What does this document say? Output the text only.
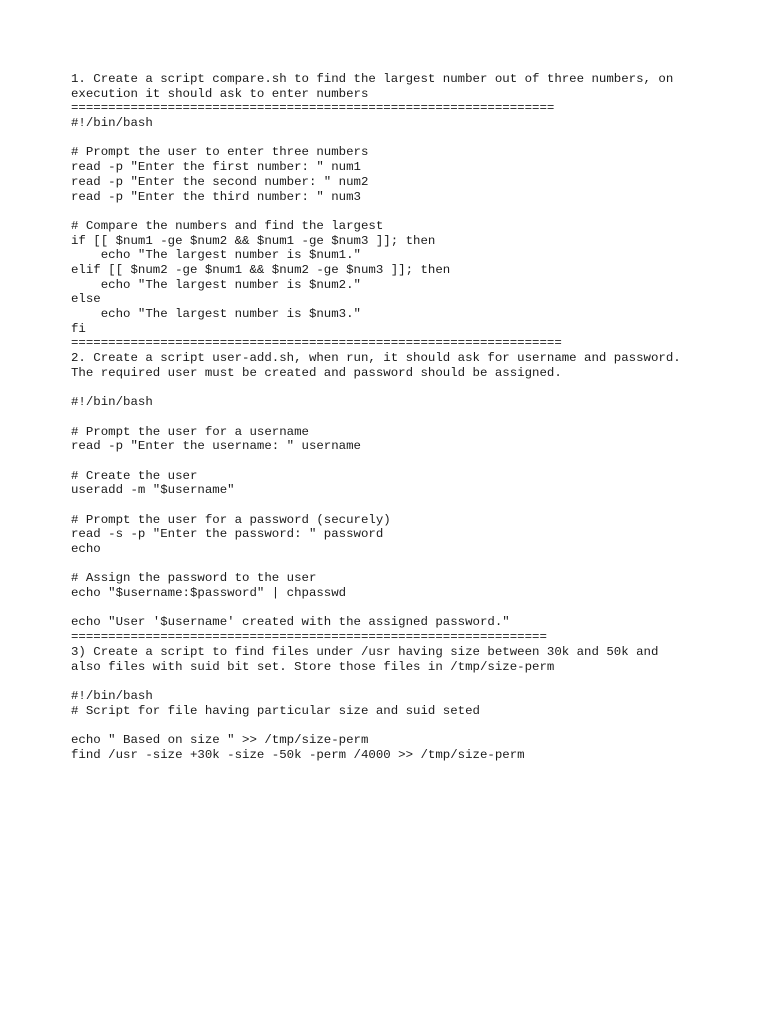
1. Create a script compare.sh to find the largest number out of three numbers, on
execution it should ask to enter numbers
=================================================================
#!/bin/bash

# Prompt the user to enter three numbers
read -p "Enter the first number: " num1
read -p "Enter the second number: " num2
read -p "Enter the third number: " num3

# Compare the numbers and find the largest
if [[ $num1 -ge $num2 && $num1 -ge $num3 ]]; then
echo "The largest number is $num1."
elif [[ $num2 -ge $num1 && $num2 -ge $num3 ]]; then
echo "The largest number is $num2."
else
echo "The largest number is $num3."
fi
==================================================================
2. Create a script user-add.sh, when run, it should ask for username and password.
The required user must be created and password should be assigned.

#!/bin/bash

# Prompt the user for a username
read -p "Enter the username: " username

# Create the user
useradd -m "$username"

# Prompt the user for a password (securely)
read -s -p "Enter the password: " password
echo

# Assign the password to the user
echo "$username:$password" | chpasswd

echo "User '$username' created with the assigned password."
================================================================
3) Create a script to find files under /usr having size between 30k and 50k and
also files with suid bit set. Store those files in /tmp/size-perm

#!/bin/bash
# Script for file having particular size and suid seted

echo " Based on size " >> /tmp/size-perm
find /usr -size +30k -size -50k -perm /4000 >> /tmp/size-perm
